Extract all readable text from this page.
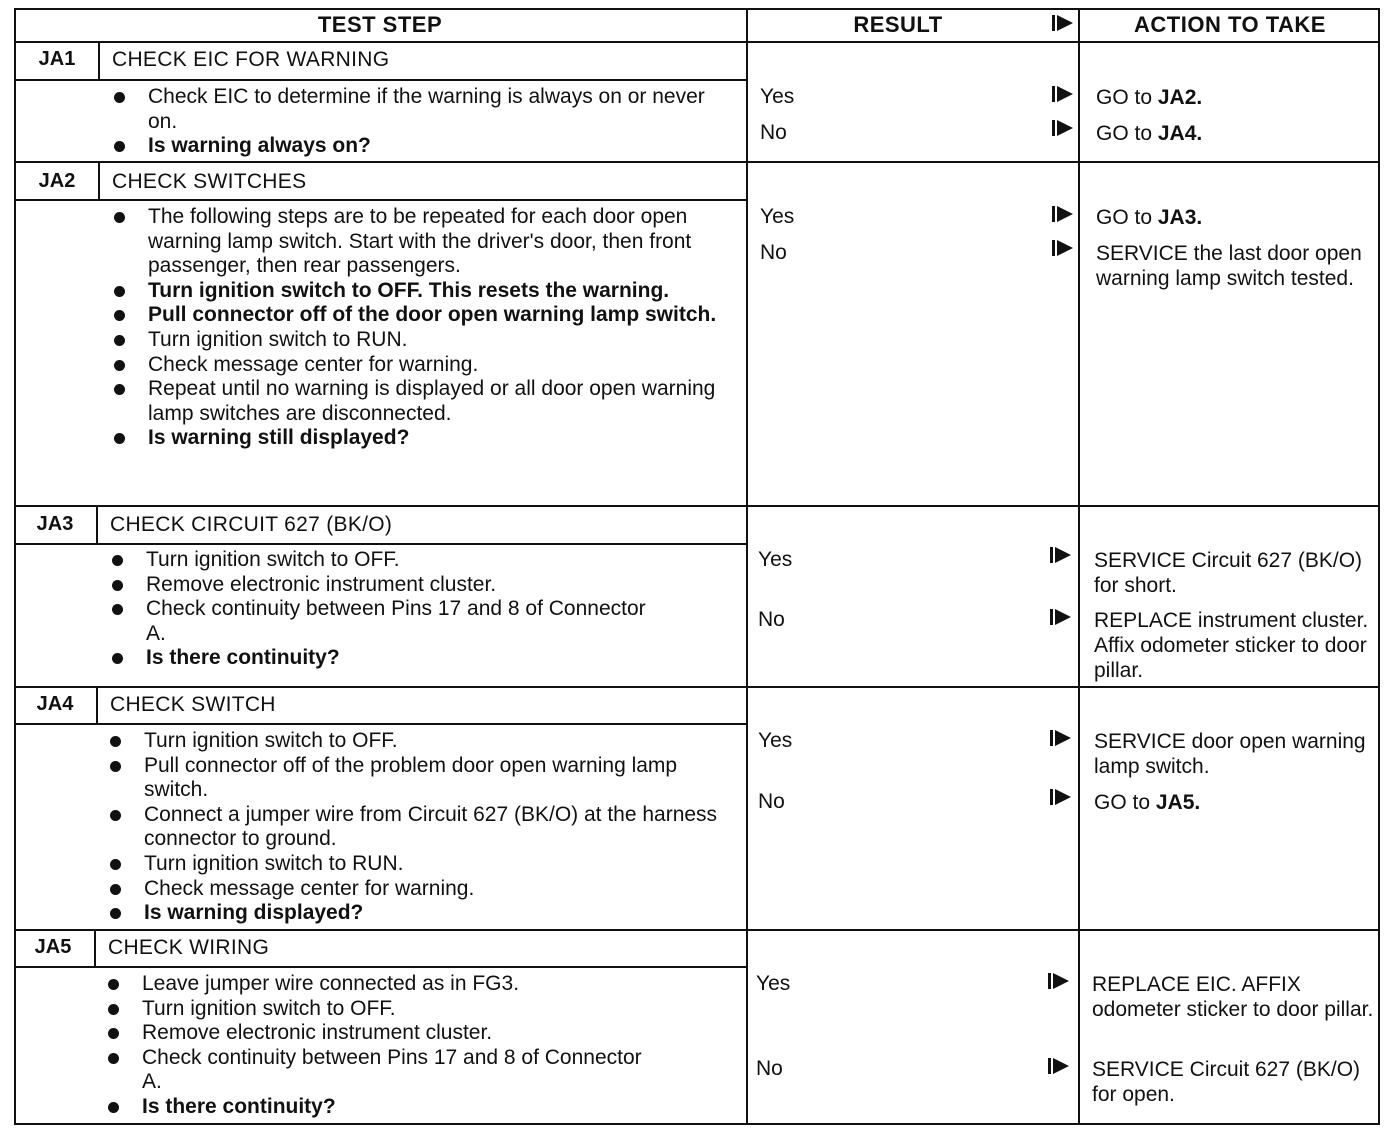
TEST STEP	RESULT	ACTION TO TAKE
JA1	CHECK EIC FOR WARNING
Check EIC to determine if the warning is always on or never on.
Is warning always on?
Yes	GO to JA2.
No	GO to JA4.
JA2	CHECK SWITCHES
The following steps are to be repeated for each door open warning lamp switch. Start with the driver's door, then front passenger, then rear passengers.
Turn ignition switch to OFF. This resets the warning.
Pull connector off of the door open warning lamp switch.
Turn ignition switch to RUN.
Check message center for warning.
Repeat until no warning is displayed or all door open warning lamp switches are disconnected.
Is warning still displayed?
Yes	GO to JA3.
No	SERVICE the last door open warning lamp switch tested.
JA3	CHECK CIRCUIT 627 (BK/O)
Turn ignition switch to OFF.
Remove electronic instrument cluster.
Check continuity between Pins 17 and 8 of Connector A.
Is there continuity?
Yes	SERVICE Circuit 627 (BK/O) for short.
No	REPLACE instrument cluster. Affix odometer sticker to door pillar.
JA4	CHECK SWITCH
Turn ignition switch to OFF.
Pull connector off of the problem door open warning lamp switch.
Connect a jumper wire from Circuit 627 (BK/O) at the harness connector to ground.
Turn ignition switch to RUN.
Check message center for warning.
Is warning displayed?
Yes	SERVICE door open warning lamp switch.
No	GO to JA5.
JA5	CHECK WIRING
Leave jumper wire connected as in FG3.
Turn ignition switch to OFF.
Remove electronic instrument cluster.
Check continuity between Pins 17 and 8 of Connector A.
Is there continuity?
Yes	REPLACE EIC. AFFIX odometer sticker to door pillar.
No	SERVICE Circuit 627 (BK/O) for open.
